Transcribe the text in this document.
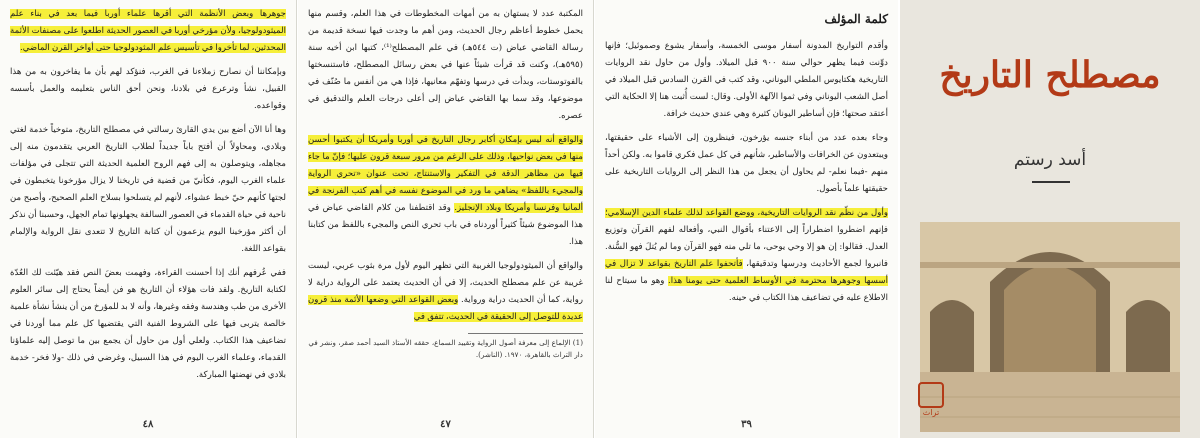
جوهرها وبعض الأنظمة التي أقرها علماء أوربا فيما بعد في بناء علم الميثودولوجيا، ولأن مؤرخي أوربا في العصور الحديثة اطلعوا على مصنفات الأئمة المحدثين، لما تأخروا في تأسيس علم المثودولوجيا حتى أواخر القرن الماضي.

وبإمكاننا أن نصارح زملاءنا في الغرب، فنؤكد لهم بأن ما يفاخرون به من هذا القبيل، نشأ وترعرع في بلادنا، ونحن أحق الناس بتعليمه والعمل بأسسه وقواعده.

وها أنا الآن أضع بين يدي القارئ رسالتي في مصطلح التاريخ، متوخياً خدمة لغتي وبلادي، ومحاولاً أن أفتح باباً جديداً لطلاب التاريخ العربي يتقدمون منه إلى مجاهله، ويتوصلون به إلى فهم الروح العلمية الحديثة التي تتجلى في مؤلفات علماء الغرب اليوم، فكأنيّ من قضية في تاريخنا لا يزال مؤرخونا يتخبطون في لجتها كأنهم حيّ خبط عشواء، لأنهم لم يتسلحوا بسلاح العلم الصحيح، وأصبح من ناحية في حياة القدماء في العصور السالفة يجهلونها تمام الجهل، وحسبنا أن نذكر أن أكثر مؤرخينا اليوم يزعمون أن كتابة التاريخ لا تتعدى نقل الرواية والإلمام بقواعد اللغة.

ففي عُرفهم أنك إذا أحسنت القراءة، وفهمت بعضَ النص فقد هيّئت لك العُدّة لكتابة التاريخ. ولقد فات هؤلاء أن التاريخ هو فن أيضاً يحتاج إلى سائر العلوم الأخرى من طب وهندسة وفقه وغيرها، وأنه لا بد للمؤرخ من أن ينشأ نشأة علمية خالصة يتربى فيها على الشروط الفنية التي يقتضيها كل علم مما أوردنا في تضاعيف هذا الكتاب. ولعلي أول من حاول أن يجمع بين ما توصل إليه علماؤنا القدماء، وعلماء الغرب اليوم في هذا السبيل، وغرضي في ذلك -ولا فخر- خدمة بلادي في نهضتها المباركة.

٤٨

المكتبة عدد لا يستهان به من أمهات المخطوطات في هذا العلم، وقسم منها يحمل خطوط أعاظم رجال الحديث، ومن أهم ما وجدت فيها نسخة قديمة من رسالة القاضي عياض (ت ٥٤٤هـ) في علم المصطلح⁽¹⁾، كتبها ابن أخيه سنة (٥٩٥هـ)، وكنت قد قرأت شيئاً عنها في بعض رسائل المصطلح، فاستنسختها بالفوتوستات، وبدأت في درسها وتفهّم معانيها، فإذا هي من أنفس ما صُنّف في موضوعها، وقد سما بها القاضي عياض إلى أعلى درجات العلم والتدقيق في عصره.

والواقع أنه ليس بإمكان أكابر رجال التاريخ في أوربا وأمريكا أن يكتبوا أحسن منها في بعض نواحيها، وذلك على الرغم من مرور سبعة قرون عليها؛ فإنّ ما جاء فيها من مظاهر الدقة في التفكير والاستنتاج، تحت عنوان «تحري الرواية والمجيء باللفظ» يضاهي ما ورد في الموضوع نفسه في أهم كتب الفرنجة في ألمانيا وفرنسا وأمريكا وبلاد الإنجليز. وقد اقتطفنا من كلام القاضي عياض في هذا الموضوع شيئاً كثيراً أوردناه في باب تحري النص والمجيء باللفظ من كتابنا هذا.

والواقع أن الميثودولوجيا الغربية التي تظهر اليوم لأول مرة بثوب عربي، ليست غريبة عن علم مصطلح الحديث، إلا في أن الحديث يعتمد على الرواية دراية لا رواية، كما أن الحديث دراية ورواية. وبعض القواعد التي وضعها الأئمة منذ قرون عديدة للتوصل إلى الحقيقة في الحديث، تتفق في

(1) الإلماع إلى معرفة أصول الرواية وتقييد السماع، حققه الأستاذ السيد أحمد صقر، ونشر في دار التراث بالقاهرة، ١٩٧٠. (الناشر).

٤٧
كلمة المؤلف

وأقدم التواريخ المدونة أسفار موسى الخمسة، وأسفار يشوع وصموئيل؛ فإنها دوِّنت فيما يظهر حوالي سنة ٩٠٠ قبل الميلاد. وأول من حاول نقد الروايات التاريخية هكتايوس الملطي اليوناني، وقد كتب في القرن السادس قبل الميلاد في أصل الشعب اليوناني وفي ثموا الآلهة الأولى. وقال: لست أُثبت هنا إلا الحكاية التي أعتقد صحتها؛ فإن أساطير اليونان كثيرة وهي عندي حديث خرافة.

وجاء بعده عدد من أبناء جنسه يؤرخون، فينظرون إلى الأشياء على حقيقتها، ويبتعدون عن الخرافات والأساطير، شأنهم في كل عمل فكري قاموا به. ولكن أحداً منهم -فيما نعلم- لم يحاول أن يجعل من هذا النظر إلى الروايات التاريخية على حقيقتها علماً بأصول.

وأول من نظّم نقد الروايات التاريخية، ووضع القواعد لذلك علماء الدين الإسلامي؛ فإنهم اضطروا اضطراراً إلى الاعتناء بأقوال النبي، وأفعاله لفهم القرآن وتوزيع العدل. فقالوا: إن هو إلا وحي يوحى، ما تلي منه فهو القرآن وما لم يُتلَ فهو السُّنة. فانبروا لجمع الأحاديث ودرسها وتدقيقها، فأتحفوا علم التاريخ بقواعد لا تزال في أسسها وجوهرها محترمة في الأوساط العلمية حتى يومنا هذا. وهو ما سيتاح لنا الاطلاع عليه في تضاعيف هذا الكتاب في حينه.

٣٩
مصطلح التاريخ
أسد رستم
تراث
